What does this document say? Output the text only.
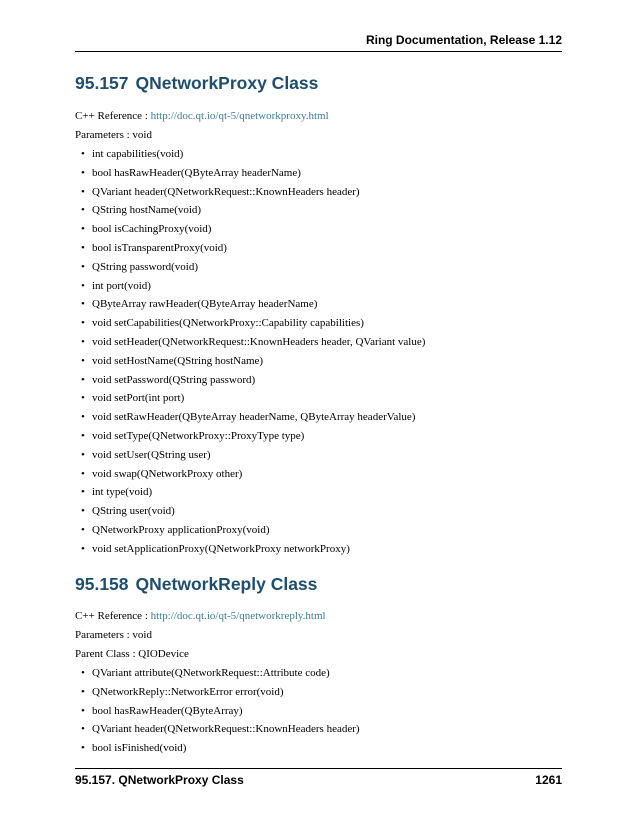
Ring Documentation, Release 1.12
95.157 QNetworkProxy Class

C++ Reference : http://doc.qt.io/qt-5/qnetworkproxy.html

Parameters : void

• int capabilities(void)
• bool hasRawHeader(QByteArray headerName)
• QVariant header(QNetworkRequest::KnownHeaders header)
• QString hostName(void)
• bool isCachingProxy(void)
• bool isTransparentProxy(void)
• QString password(void)
• int port(void)
• QByteArray rawHeader(QByteArray headerName)
• void setCapabilities(QNetworkProxy::Capability capabilities)
• void setHeader(QNetworkRequest::KnownHeaders header, QVariant value)
• void setHostName(QString hostName)
• void setPassword(QString password)
• void setPort(int port)
• void setRawHeader(QByteArray headerName, QByteArray headerValue)
• void setType(QNetworkProxy::ProxyType type)
• void setUser(QString user)
• void swap(QNetworkProxy other)
• int type(void)
• QString user(void)
• QNetworkProxy applicationProxy(void)
• void setApplicationProxy(QNetworkProxy networkProxy)
95.158 QNetworkReply Class

C++ Reference : http://doc.qt.io/qt-5/qnetworkreply.html

Parameters : void

Parent Class : QIODevice

• QVariant attribute(QNetworkRequest::Attribute code)
• QNetworkReply::NetworkError error(void)
• bool hasRawHeader(QByteArray)
• QVariant header(QNetworkRequest::KnownHeaders header)
• bool isFinished(void)
95.157. QNetworkProxy Class	1261
